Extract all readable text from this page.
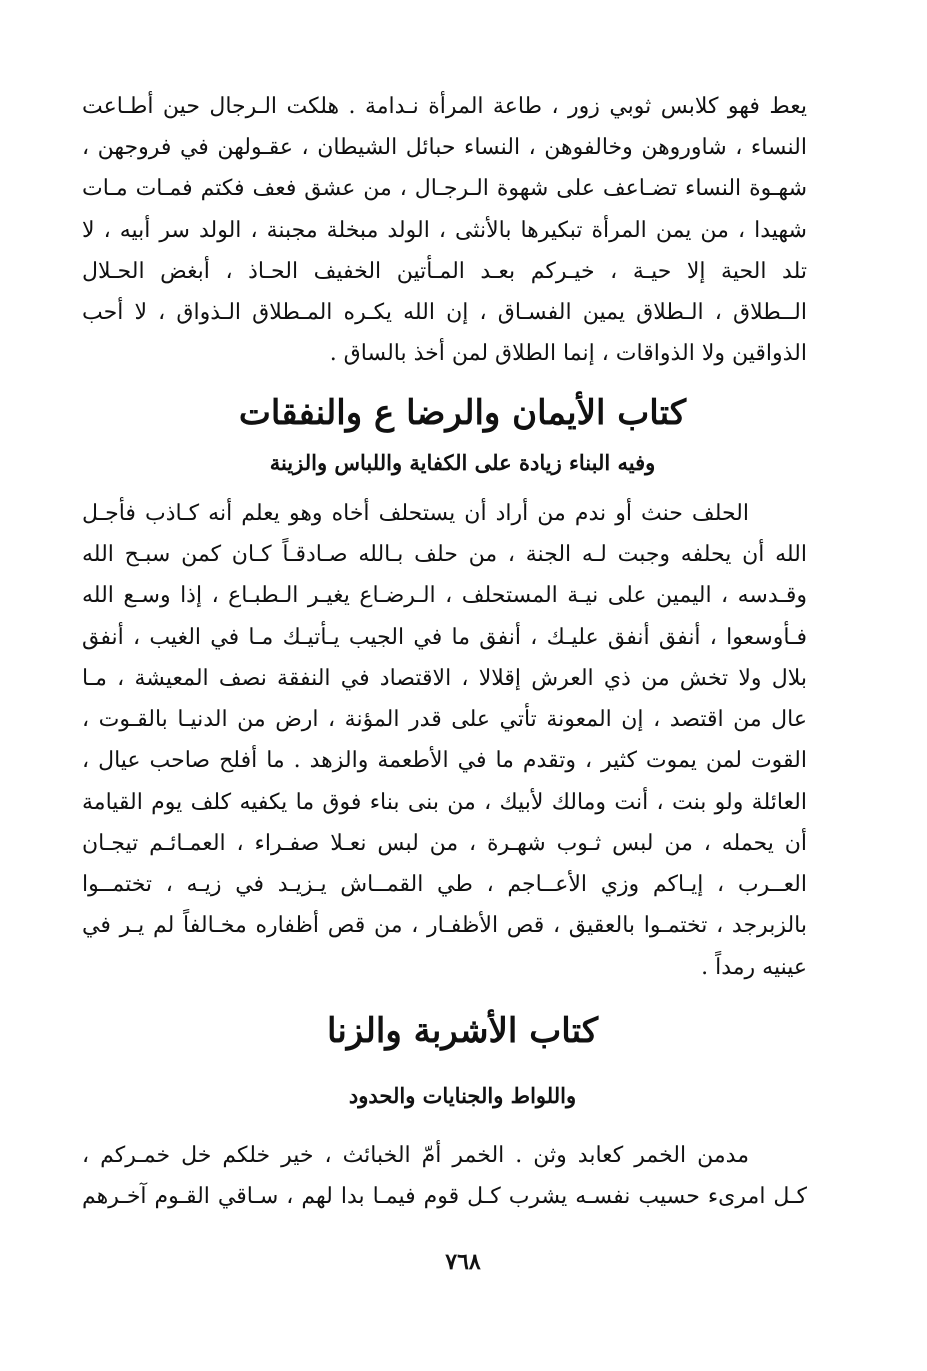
يعط فهو كلابس ثوبي زور ، طاعة المرأة نـدامة . هلكت الـرجال حين أطـاعت
النساء ، شاوروهن وخالفوهن ، النساء حبائل الشيطان ، عقـولهن في فروجهن ،
شهـوة النساء تضـاعف على شهوة الـرجـال ، من عشق فعف فكتم فمـات مـات
شهيدا ، من يمن المرأة تبكيرها بالأنثى ، الولد مبخلة مجبنة ، الولد سر أبيه ، لا
تلد الحية إلا حيـة ، خيـركم بعـد المـأتين الخفيف الحـاذ ، أبغض الحـلال
الــطلاق ، الـطلاق يمين الفسـاق ، إن الله يكـره المـطلاق الـذواق ، لا أحب
الذواقين ولا الذواقات ، إنما الطلاق لمن أخذ بالساق .
كتاب الأيمان والرضا ع والنفقات
وفيه البناء زيادة على الكفاية واللباس والزينة
الحلف حنث أو ندم من أراد أن يستحلف أخاه وهو يعلم أنه كـاذب فأجـل
الله أن يحلفه وجبت لـه الجنة ، من حلف بـالله صـادقـاً كـان كمن سبـح الله
وقـدسه ، اليمين على نيـة المستحلف ، الـرضـاع يغيـر الـطبـاع ، إذا وسـع الله
فـأوسعوا ، أنفق أنفق عليـك ، أنفق ما في الجيب يـأتيـك مـا في الغيب ، أنفق
بلال ولا تخش من ذي العرش إقلالا ، الاقتصاد في النفقة نصف المعيشة ، مـا
عال من اقتصد ، إن المعونة تأتي على قدر المؤنة ، ارض من الدنيـا بالقـوت ،
القوت لمن يموت كثير ، وتقدم ما في الأطعمة والزهد . ما أفلح صاحب عيال ،
العائلة ولو بنت ، أنت ومالك لأبيك ، من بنى بناء فوق ما يكفيه كلف يوم القيامة
أن يحمله ، من لبس ثـوب شهـرة ، من لبس نعـلا صفـراء ، العمـائـم تيجـان
العــرب ، إيـاكم وزي الأعــاجم ، طي القمــاش يـزيـد في زيـه ، تختمــوا
بالزبرجد ، تختمـوا بالعقيق ، قص الأظفـار ، من قص أظفاره مخـالفاً لم يـر في
عينيه رمداً .
كتاب الأشربة والزنا
واللواط والجنايات والحدود
مدمن الخمر كعابد وثن . الخمر أمّ الخبائث ، خير خلكم خل خمـركم ،
كـل امرىء حسيب نفسـه يشرب كـل قوم فيمـا بدا لهم ، سـاقي القـوم آخـرهم
٧٦٨
